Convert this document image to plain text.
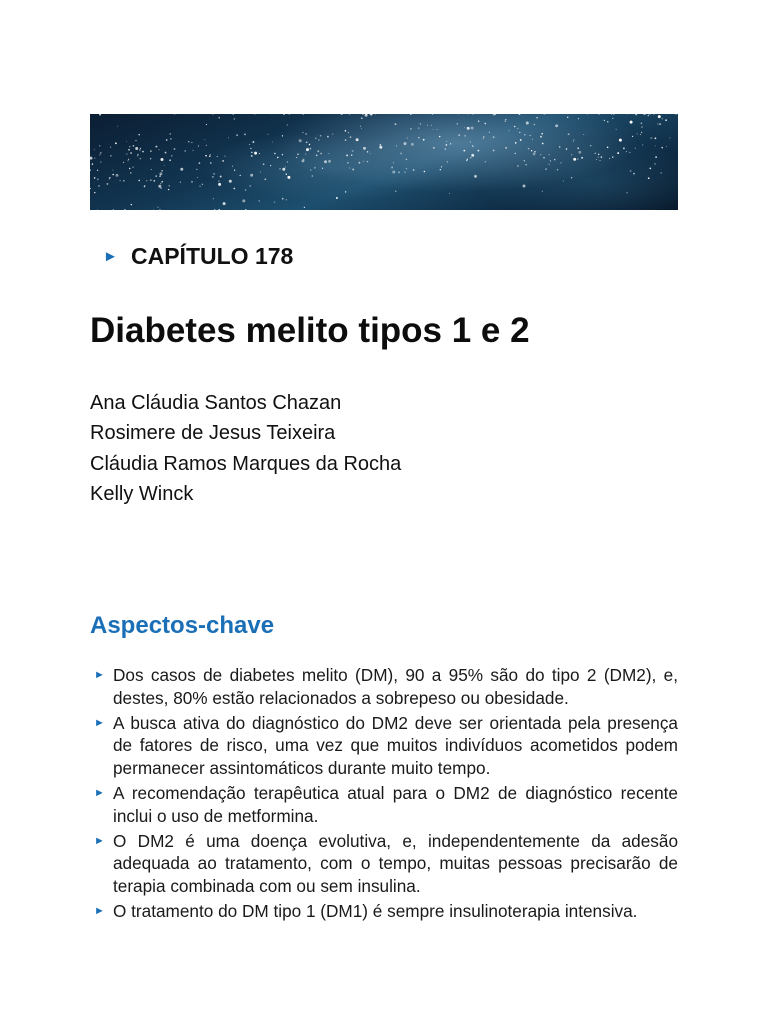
► CAPÍTULO 178
Diabetes melito tipos 1 e 2
Ana Cláudia Santos Chazan
Rosimere de Jesus Teixeira
Cláudia Ramos Marques da Rocha
Kelly Winck
Aspectos-chave
► Dos casos de diabetes melito (DM), 90 a 95% são do tipo 2 (DM2), e, destes, 80% estão relacionados a sobrepeso ou obesidade.
► A busca ativa do diagnóstico do DM2 deve ser orientada pela presença de fatores de risco, uma vez que muitos indivíduos acometidos podem permanecer assintomáticos durante muito tempo.
► A recomendação terapêutica atual para o DM2 de diagnóstico recente inclui o uso de metformina.
► O DM2 é uma doença evolutiva, e, independentemente da adesão adequada ao tratamento, com o tempo, muitas pessoas precisarão de terapia combinada com ou sem insulina.
► O tratamento do DM tipo 1 (DM1) é sempre insulinoterapia intensiva.
